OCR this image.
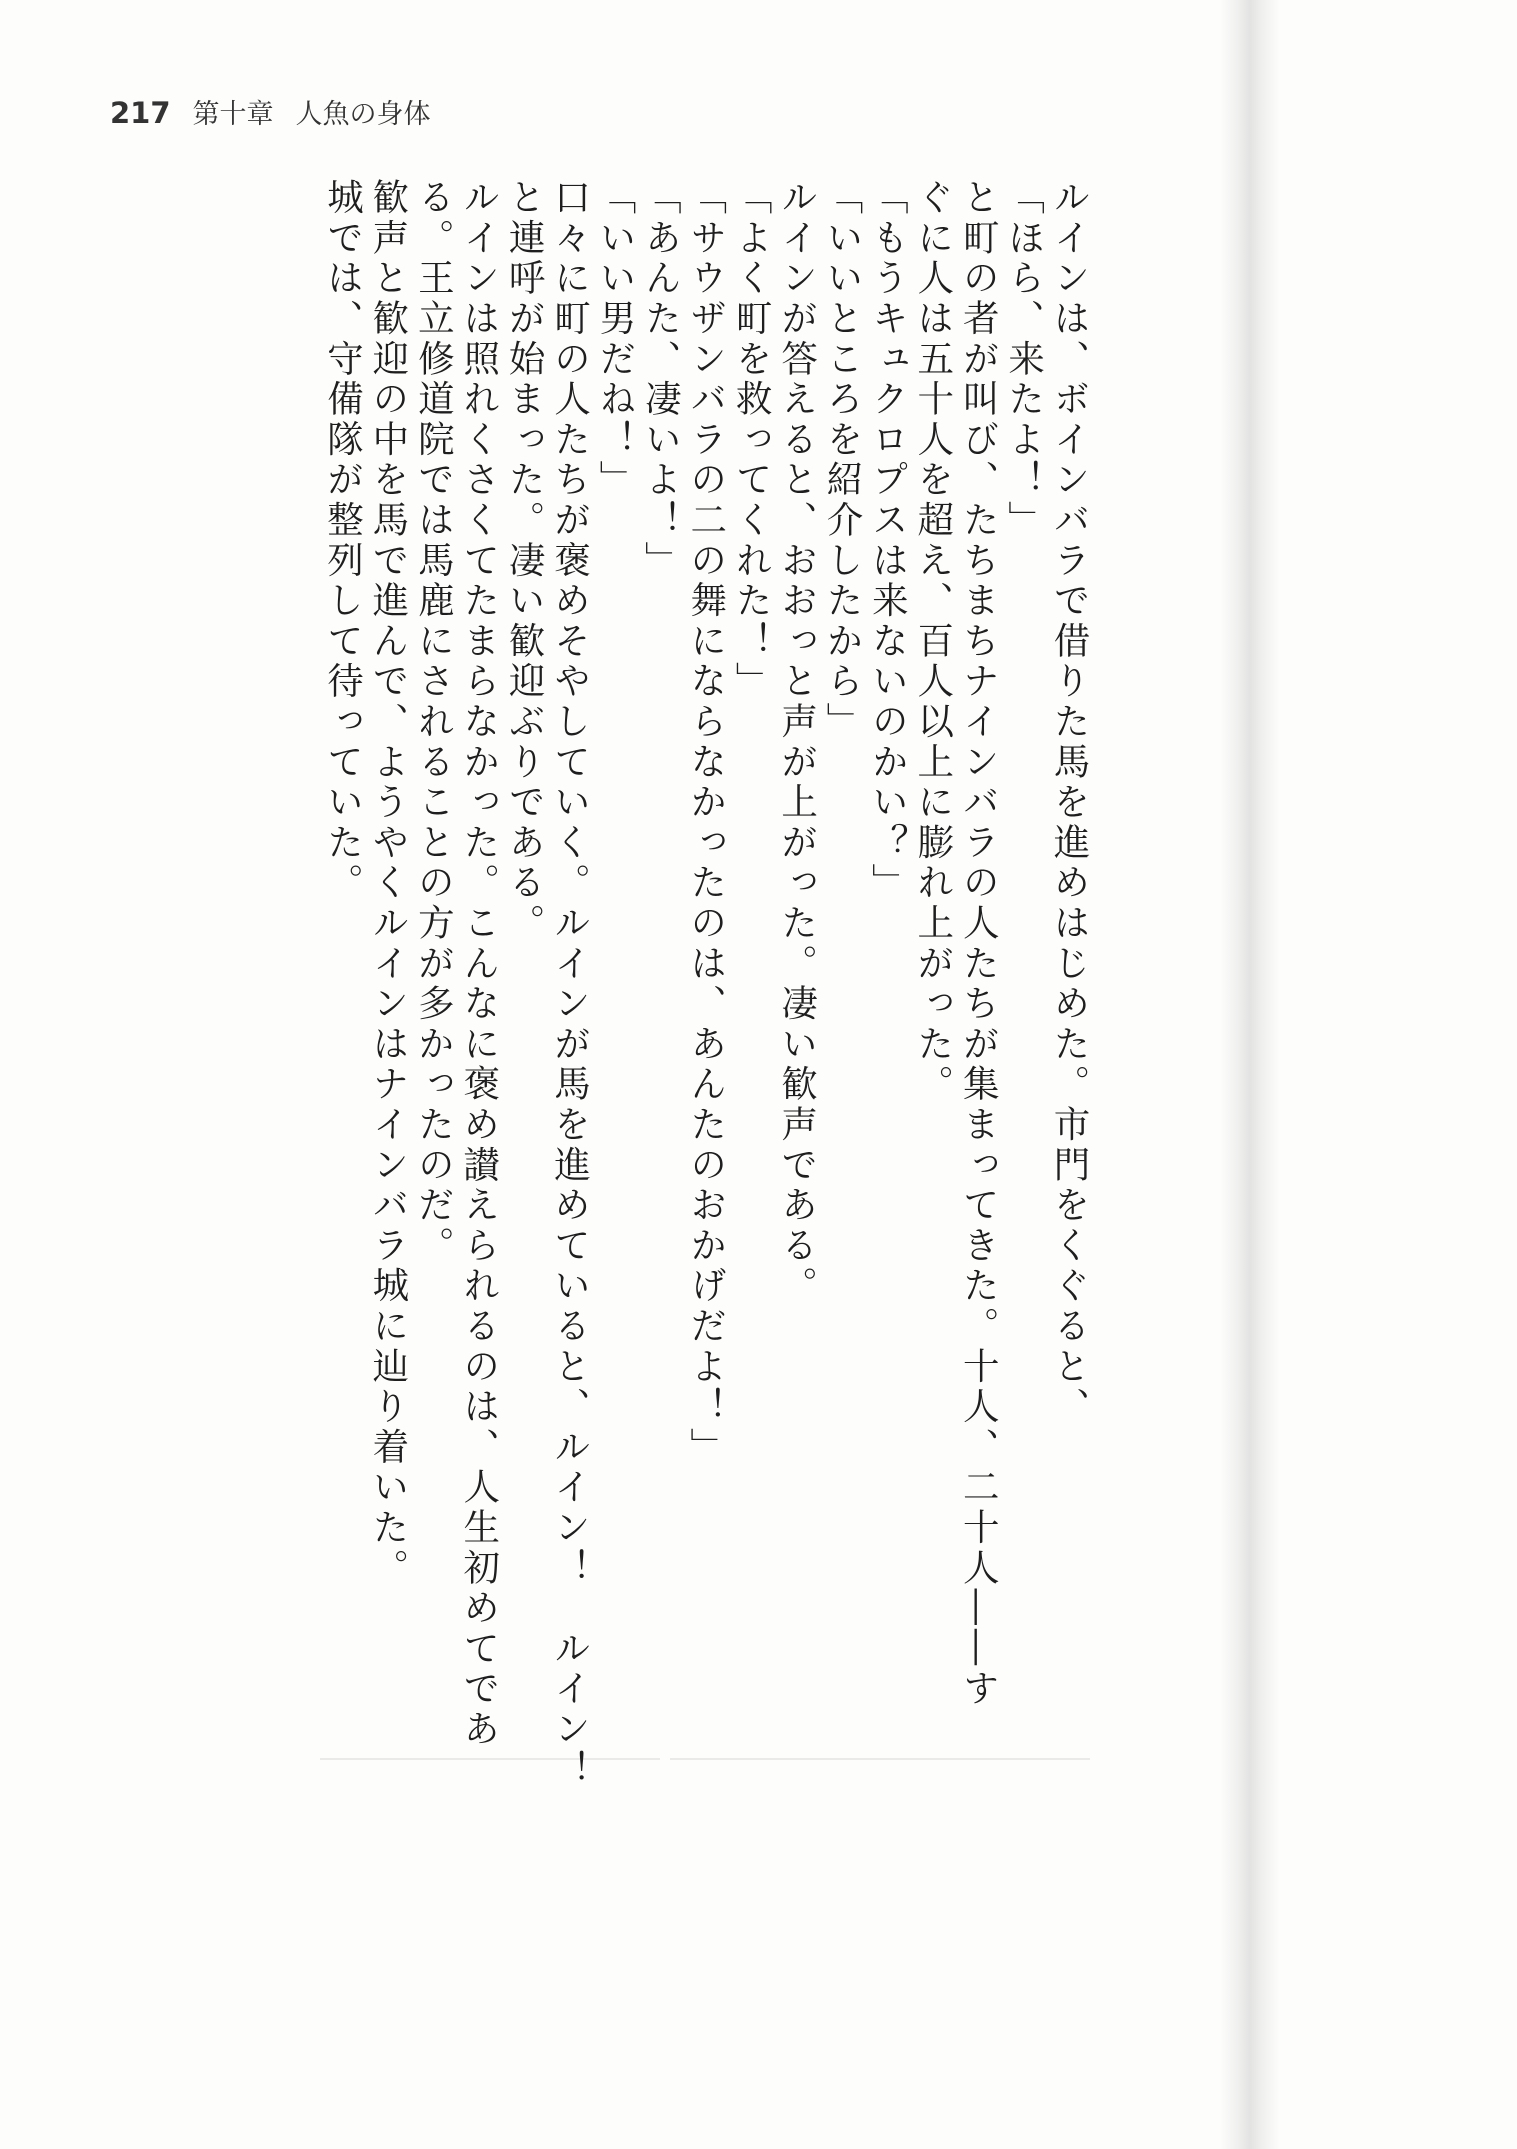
217 第十章 人魚の身体
ルインは、ボインバラで借りた馬を進めはじめた。市門をくぐると、
「ほら、来たよ！」
と町の者が叫び、たちまちナインバラの人たちが集まってきた。十人、二十人――す
ぐに人は五十人を超え、百人以上に膨れ上がった。
「もうキュクロプスは来ないのかい？」
「いいところを紹介したから」
ルインが答えると、おおっと声が上がった。凄い歓声である。
「よく町を救ってくれた！」
「サウザンバラの二の舞にならなかったのは、あんたのおかげだよ！」
「あんた、凄いよ！」
「いい男だね！」
口々に町の人たちが褒めそやしていく。ルインが馬を進めていると、ルイン！　ルイン！
と連呼が始まった。凄い歓迎ぶりである。
ルインは照れくさくてたまらなかった。こんなに褒め讃えられるのは、人生初めてであ
る。王立修道院では馬鹿にされることの方が多かったのだ。
歓声と歓迎の中を馬で進んで、ようやくルインはナインバラ城に辿り着いた。
城では、守備隊が整列して待っていた。
